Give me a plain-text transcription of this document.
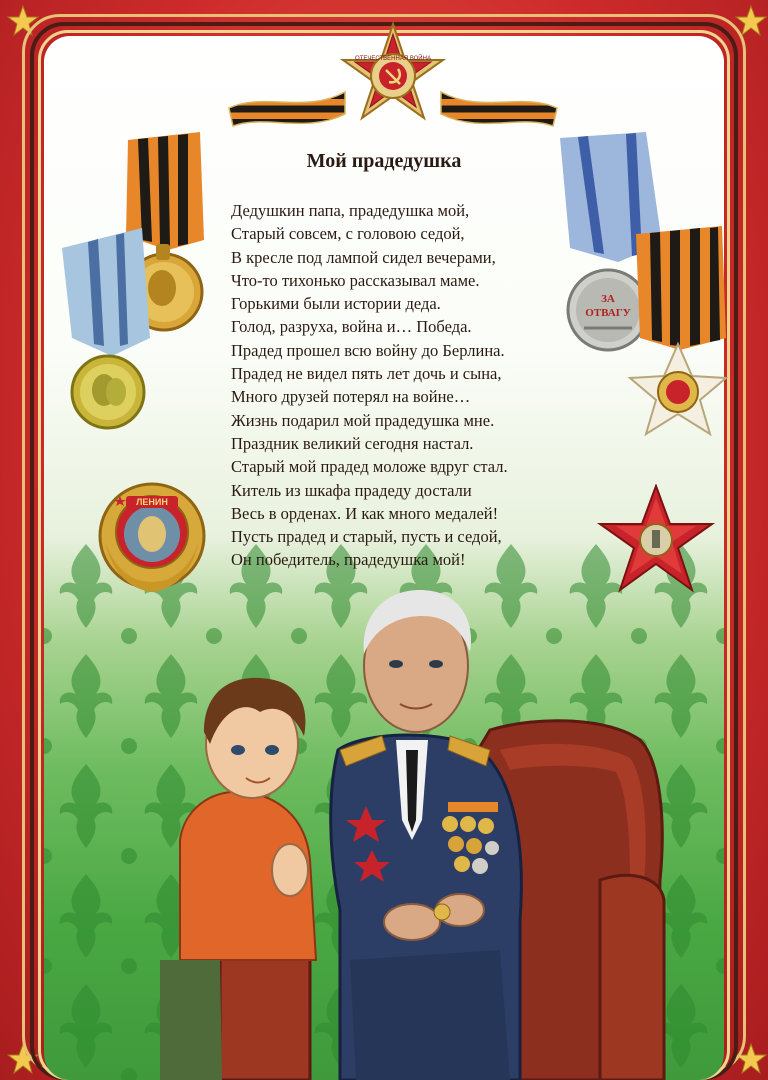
ОТЕЧЕСТВЕННАЯ ВОЙНА
ЛЕНИН
ЗА
ОТВАГУ
Мой прадедушка
Дедушкин папа, прадедушка мой,
Старый совсем, с головою седой,
В кресле под лампой сидел вечерами,
Что-то тихонько рассказывал маме.
Горькими были истории деда.
Голод, разруха, война и… Победа.
Прадед прошел всю войну до Берлина.
Прадед не видел пять лет дочь и сына,
Много друзей потерял на войне…
Жизнь подарил мой прадедушка мне.
Праздник великий сегодня настал.
Старый мой прадед моложе вдруг стал.
Китель из шкафа прадеду достали
Весь в орденах. И как много медалей!
Пусть прадед и старый, пусть и седой,
Он победитель, прадедушка мой!
